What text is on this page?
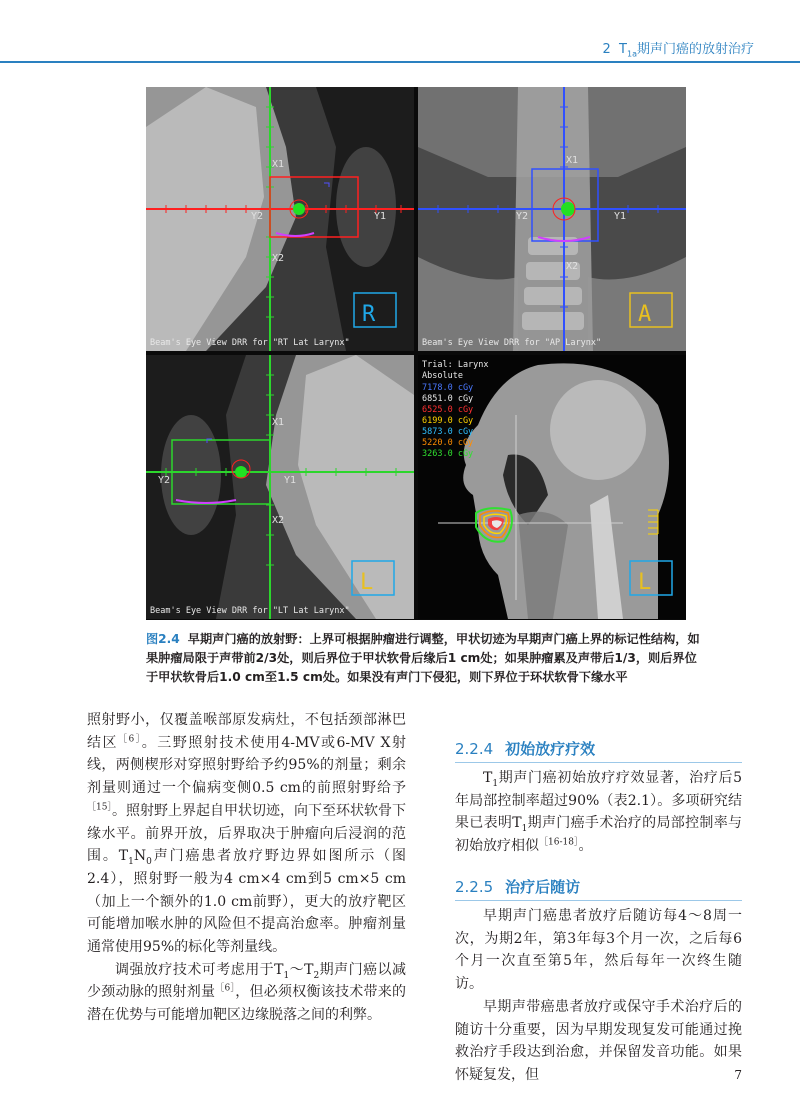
2 $T_{1a}$期声门癌的放射治疗
X1
X2
Y2	Y1
R
Beam's Eye View DRR for "RT Lat Larynx"
X1
X2
Y2	Y1
A
Beam's Eye View DRR for "AP Larynx"
X1
X2
Y2	Y1
L
Beam's Eye View DRR for "LT Lat Larynx"
Trial: Larynx
Absolute
7178.0 cGy
6851.0 cGy
6525.0 cGy
6199.0 cGy
5873.0 cGy
5220.0 cGy
3263.0 cGy
L
图2.4 早期声门癌的放射野：上界可根据肿瘤进行调整，甲状切迹为早期声门癌上界的标记性结构，如果肿瘤局限于声带前2/3处，则后界位于甲状软骨后缘后1 cm处；如果肿瘤累及声带后1/3，则后界位于甲状软骨后1.0 cm至1.5 cm处。如果没有声门下侵犯，则下界位于环状软骨下缘水平

照射野小，仅覆盖喉部原发病灶，不包括颈部淋巴结区$^{[6]}$。三野照射技术使用4-MV或6-MV X射线，两侧楔形对穿照射野给予约95%的剂量；剩余剂量则通过一个偏病变侧0.5 cm的前照射野给予$^{[15]}$。照射野上界起自甲状切迹，向下至环状软骨下缘水平。前界开放，后界取决于肿瘤向后浸润的范围。$T_1N_0$声门癌患者放疗野边界如图所示（图2.4），照射野一般为4 cm×4 cm到5 cm×5 cm（加上一个额外的1.0 cm前野），更大的放疗靶区可能增加喉水肿的风险但不提高治愈率。肿瘤剂量通常使用95%的标化等剂量线。

调强放疗技术可考虑用于$T_1\sim T_2$期声门癌以减少颈动脉的照射剂量$^{[6]}$，但必须权衡该技术带来的潜在优势与可能增加靶区边缘脱落之间的利弊。

2.2.4 初始放疗疗效

$T_1$期声门癌初始放疗疗效显著，治疗后5年局部控制率超过90%（表2.1）。多项研究结果已表明$T_1$期声门癌手术治疗的局部控制率与初始放疗相似$^{[16-18]}$。

2.2.5 治疗后随访

早期声门癌患者放疗后随访每4～8周一次，为期2年，第3年每3个月一次，之后每6个月一次直至第5年，然后每年一次终生随访。

早期声带癌患者放疗或保守手术治疗后的随访十分重要，因为早期发现复发可能通过挽救治疗手段达到治愈，并保留发音功能。如果怀疑复发，但	7
